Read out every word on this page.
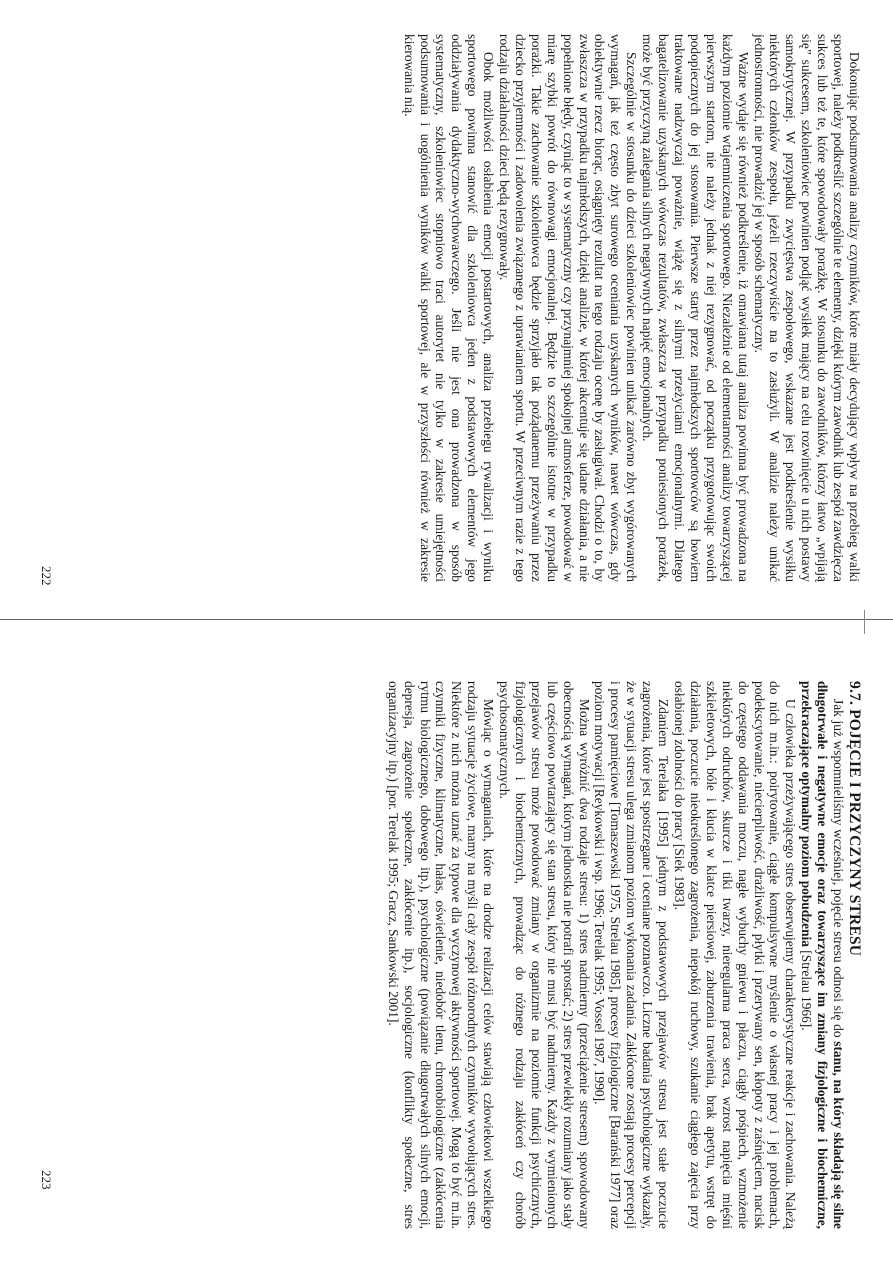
Dokonując podsumowania analizy czynników, które miały decydujący wpływ na przebieg walki sportowej, należy podkreślić szczególnie te elementy, dzięki którym zawodnik lub zespół zawdzięcza sukces lub też te, które spowodowały porażkę. W stosunku do zawodników, którzy łatwo „wpijają się” sukcesem, szkoleniowiec powinien podjąć wysiłek mający na celu rozwinięcie u nich postawy samokrytycznej. W przypadku zwycięstwa zespołowego, wskazane jest podkreślenie wysiłku niektórych członków zespołu, jeżeli rzeczywiście na to zasłużyli. W analizie należy unikać jednostronności, nie prowadzić jej w sposób schematyczny.

Ważne wydaje się również podkreślenie, iż omawiana tutaj analiza powinna być prowadzona na każdym poziomie wtajemniczenia sportowego. Niezależnie od elementarności analizy towarzyszącej pierwszym startom, nie należy jednak z niej rezygnować, od początku przygotowując swoich podopiecznych do jej stosowania. Pierwsze starty przez najmłodszych sportowców są bowiem traktowane nadzwyczaj poważnie, wiążę się z silnymi przeżyciami emocjonalnymi. Dlatego bagatelizowanie uzyskanych wówczas rezultatów, zwłaszcza w przypadku poniesionych porażek, może być przyczyną zalegania silnych negatywnych napięć emocjonalnych.

Szczególnie w stosunku do dzieci szkoleniowiec powinien unikać zarówno zbyt wygórowanych wymagań, jak też często zbyt surowego oceniania uzyskanych wyników, nawet wówczas, gdy obiektywnie rzecz biorąc, osiągnięty rezultat na tego rodzaju ocenę by zasługiwał. Chodzi o to, by zwłaszcza w przypadku najmłodszych, dzięki analizie, w której akcentuje się udane działania, a nie popełnione błędy, czyniąc to w systematyczny czy przynajmniej spokojnej atmosferze, powodować w miarę szybki powrót do równowagi emocjonalnej. Będzie to szczególnie istotne w przypadku porażki. Takie zachowanie szkoleniowca będzie sprzyjało tak pożądanemu przeżywaniu przez dziecko przyjemności i zadowolenia związanego z uprawianiem sportu. W przeciwnym razie z tego rodzaju działalności dzieci będą rezygnowały.

Obok możliwości osłabienia emocji postartowych, analiza przebiegu rywalizacji i wyniku sportowego powinna stanowić dla szkoleniowca jeden z podstawowych elementów jego oddziaływania dydaktyczno-wychowawczego. Jeśli nie jest ona prowadzona w sposób systematyczny, szkoleniowiec stopniowo traci autorytet nie tylko w zakresie umiejętności podsumowania i uogólnienia wyników walki sportowej, ale w przyszłości również w zakresie kierowania nią.

222

9.7. POJĘCIE I PRZYCZYNY STRESU

Jak już wspomnieliśmy wcześniej, pojęcie stresu odnosi się do stanu, na który składają się silne długotrwałe i negatywne emocje oraz towarzyszące im zmiany fizjologiczne i biochemiczne, przekraczające optymalny poziom pobudzenia [Strelau 1966].

U człowieka przeżywającego stres obserwujemy charakterystyczne reakcje i zachowania. Należą do nich m.in.: poirytowanie, ciągłe kompulsywne myślenie o własnej pracy i jej problemach, podekscytowanie, niecierpliwość, drażliwość, płytki i przerywany sen, kłopoty z zaśnięciem, nacisk do częstego oddawania moczu, nagłe wybuchy gniewu i płaczu, ciągły pośpiech, wzmożenie niektórych odruchów, skurcze i tiki twarzy, nieregularna praca serca, wzrost napięcia mięśni szkieletowych, bóle i kłucia w klatce piersiowej, zaburzenia trawienia, brak apetytu, wstręt do działania, poczucie nieokreślonego zagrożenia, niepokój ruchowy, szukanie ciągłego zajęcia przy osłabionej zdolności do pracy [Siek 1983].

Zdaniem Terelaka [1995] jednym z podstawowych przejawów stresu jest stałe poczucie zagrożenia, które jest spostrzegane i oceniane poznawczo. Liczne badania psychologiczne wykazały, że w sytuacji stresu ulega zmianom poziom wykonania zadania. Zakłócone zostają procesy percepcji i procesy pamięciowe [Tomaszewski 1975, Strelau 1985], procesy fizjologiczne [Barański 1977] oraz poziom motywacji [Reykowski i wsp. 1996; Terelak 1995; Vossel 1987, 1990].

Można wyróżnić dwa rodzaje stresu: 1) stres nadmierny (przeciążenie stresem) spowodowany obecnością wymagań, którym jednostka nie potrafi sprostać; 2) stres przewlekły rozumiany jako stały lub częściowo powtarzający się stan stresu, który nie musi być nadmierny. Każdy z wymienionych przejawów stresu może powodować zmiany w organizmie na poziomie funkcji psychicznych, fizjologicznych i biochemicznych, prowadząc do różnego rodzaju zakłóceń czy chorób psychosomatycznych.

Mówiąc o wymaganiach, które na drodze realizacji celów stawiają człowiekowi wszelkiego rodzaju sytuacje życiowe, mamy na myśli cały zespół różnorodnych czynników wywołujących stres. Niektóre z nich można uznać za typowe dla wyczynowej aktywności sportowej. Mogą to być m.in. czynniki fizyczne, klimatyczne, hałas, oświetlenie, niedobór tlenu, chronobiologiczne (zakłócenia rytmu biologicznego, dobowego itp.), psychologiczne (powiązanie długotrwałych silnych emocji, depresja, zagrożenie społeczne, zakłócenie itp.), socjologiczne (konflikty społeczne, stres organizacyjny itp.) [por. Terelak 1995; Gracz, Sankowski 2001].

223
